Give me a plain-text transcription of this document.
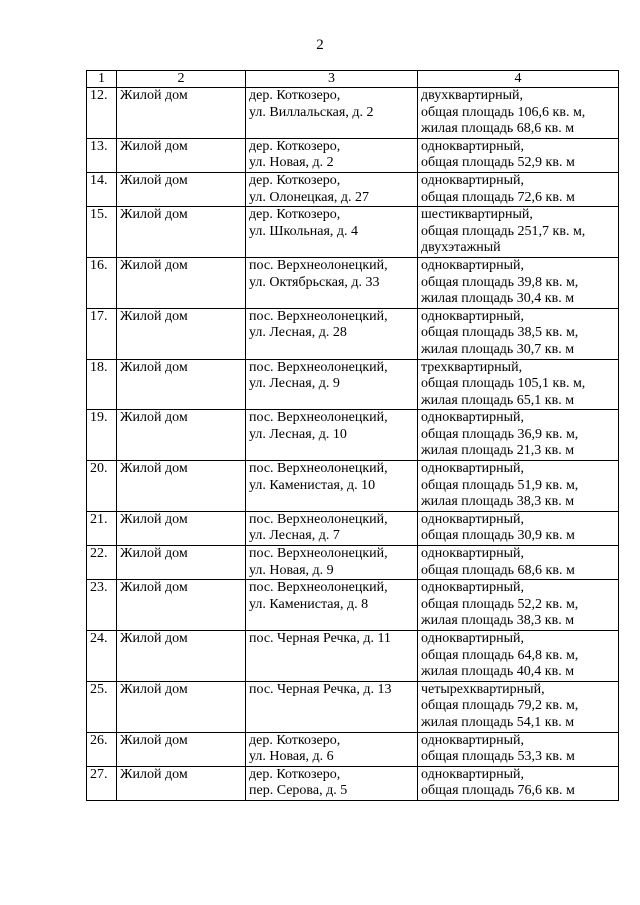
2
1	2	3	4
12.	Жилой дом	дер. Коткозеро,
ул. Виллальская, д. 2	двухквартирный,
общая площадь 106,6 кв. м,
жилая площадь 68,6 кв. м

13.	Жилой дом	дер. Коткозеро,
ул. Новая, д. 2	одноквартирный,
общая площадь 52,9 кв. м

14.	Жилой дом	дер. Коткозеро,
ул. Олонецкая, д. 27	одноквартирный,
общая площадь 72,6 кв. м

15.	Жилой дом	дер. Коткозеро,
ул. Школьная, д. 4	шестиквартирный,
общая площадь 251,7 кв. м,
двухэтажный

16.	Жилой дом	пос. Верхнеолонецкий,
ул. Октябрьская, д. 33	одноквартирный,
общая площадь 39,8 кв. м,
жилая площадь 30,4 кв. м

17.	Жилой дом	пос. Верхнеолонецкий,
ул. Лесная, д. 28	одноквартирный,
общая площадь 38,5 кв. м,
жилая площадь 30,7 кв. м

18.	Жилой дом	пос. Верхнеолонецкий,
ул. Лесная, д. 9	трехквартирный,
общая площадь 105,1 кв. м,
жилая площадь 65,1 кв. м

19.	Жилой дом	пос. Верхнеолонецкий,
ул. Лесная, д. 10	одноквартирный,
общая площадь 36,9 кв. м,
жилая площадь 21,3 кв. м

20.	Жилой дом	пос. Верхнеолонецкий,
ул. Каменистая, д. 10	одноквартирный,
общая площадь 51,9 кв. м,
жилая площадь 38,3 кв. м

21.	Жилой дом	пос. Верхнеолонецкий,
ул. Лесная, д. 7	одноквартирный,
общая площадь 30,9 кв. м

22.	Жилой дом	пос. Верхнеолонецкий,
ул. Новая, д. 9	одноквартирный,
общая площадь 68,6 кв. м

23.	Жилой дом	пос. Верхнеолонецкий,
ул. Каменистая, д. 8	одноквартирный,
общая площадь 52,2 кв. м,
жилая площадь 38,3 кв. м

24.	Жилой дом	пос. Черная Речка, д. 11	одноквартирный,
общая площадь 64,8 кв. м,
жилая площадь 40,4 кв. м

25.	Жилой дом	пос. Черная Речка, д. 13	четырехквартирный,
общая площадь 79,2 кв. м,
жилая площадь 54,1 кв. м

26.	Жилой дом	дер. Коткозеро,
ул. Новая, д. 6	одноквартирный,
общая площадь 53,3 кв. м

27.	Жилой дом	дер. Коткозеро,
пер. Серова, д. 5	одноквартирный,
общая площадь 76,6 кв. м
